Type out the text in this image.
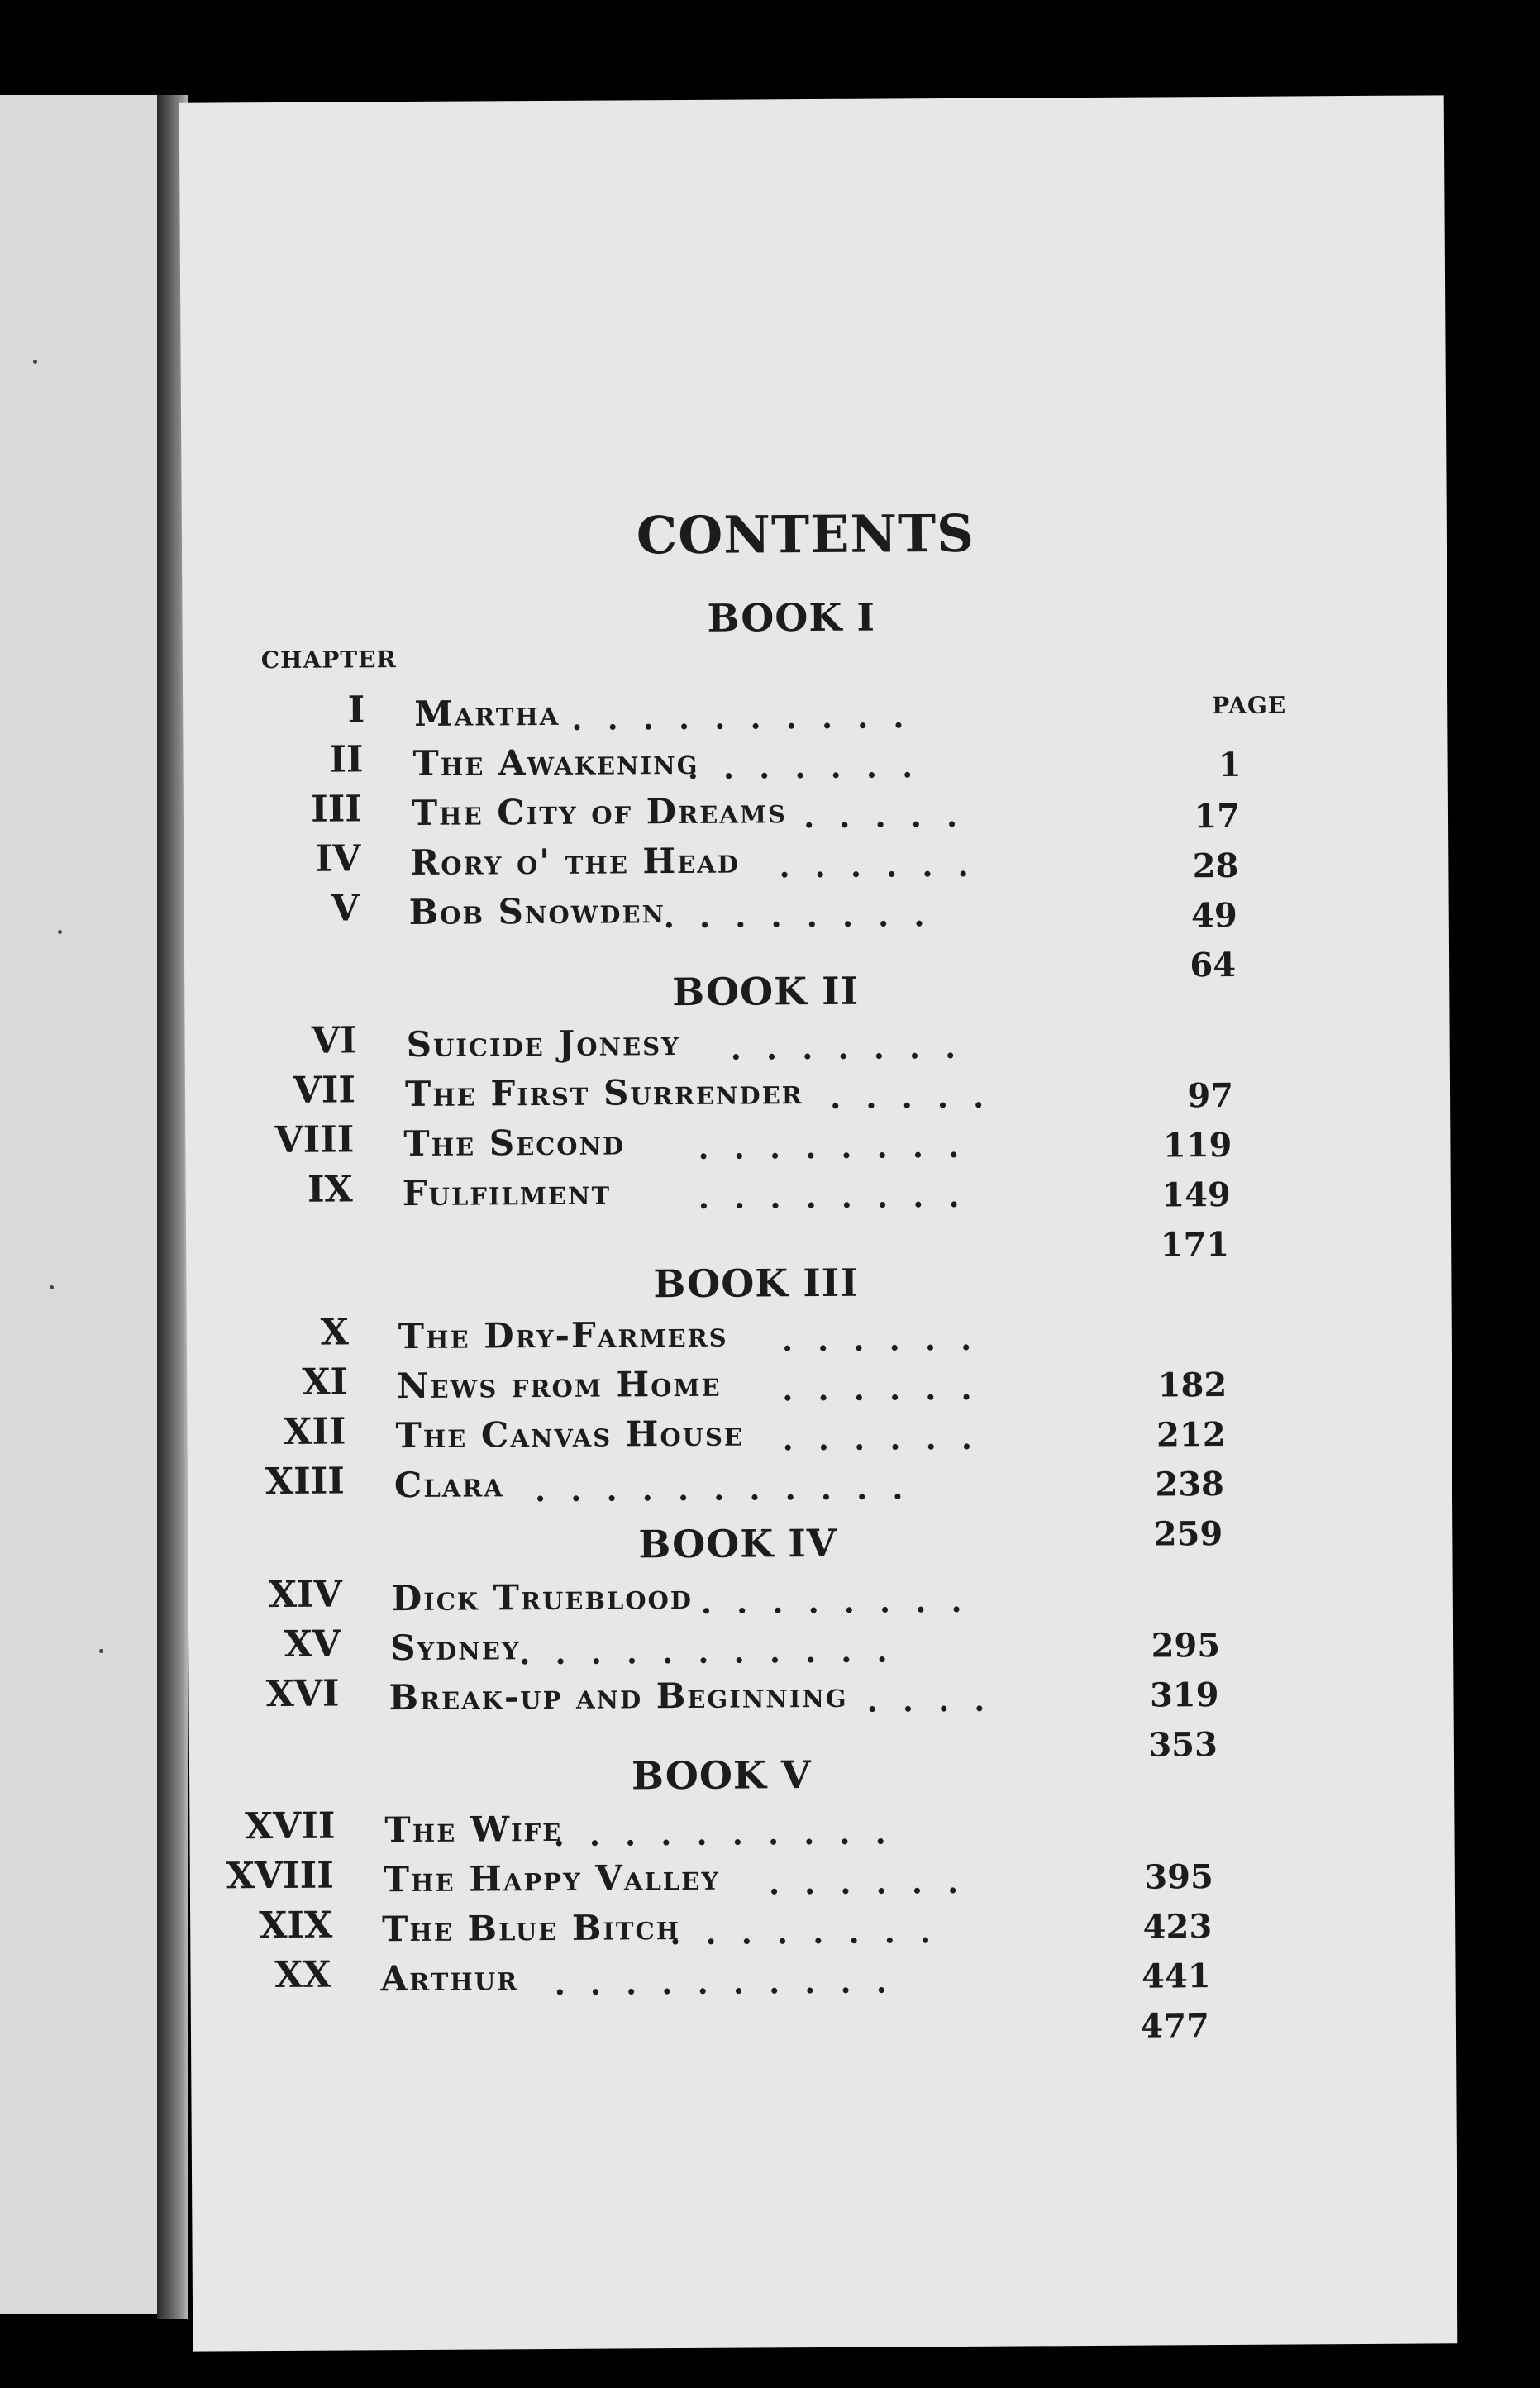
CONTENTS
CHAPTER
PAGE
BOOK I
BOOK II
BOOK III
BOOK IV
BOOK V
I Martha ..........
1
II The Awakening
.......
17
III The City of Dreams .....
28
IV Rory o' the Head ......
49
V Bob Snowden
........
64
VI Suicide Jonesy .......
97
VII The First Surrender .....
119
VIII The Second ........
149
IX Fulfilment	........
171
X The Dry-Farmers ......
182
XI News from Home ......
212
XII The Canvas House ......
238
XIII Clara ...........
259
XIV Dick Trueblood ........
295
XV Sydney
...........
319
XVI Break-up and Beginning ....
353
XVII The Wife
..........
395
XVIII The Happy Valley ......
423
XIX The Blue Bitch
........
441
XX Arthur ..........
477
